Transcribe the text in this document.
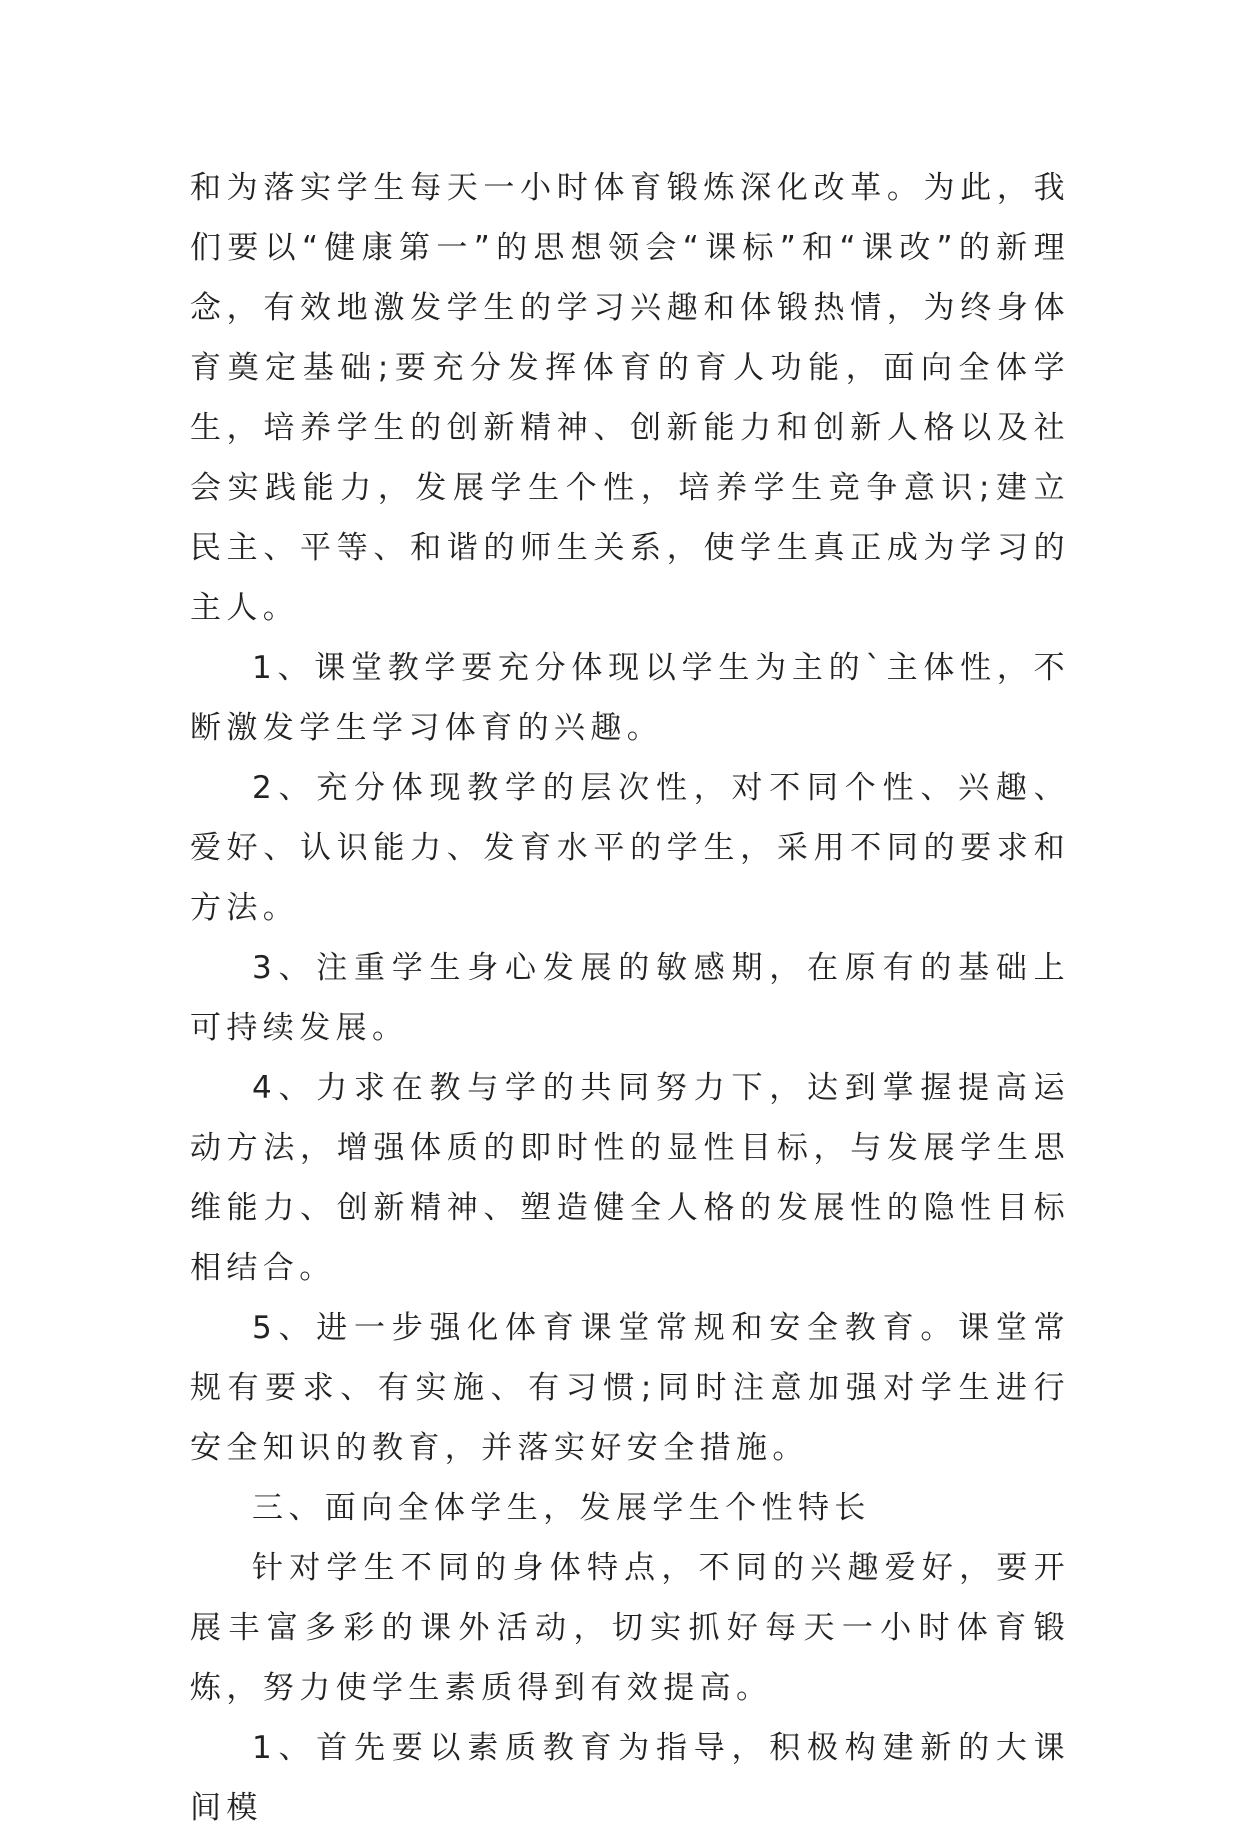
和为落实学生每天一小时体育锻炼深化改革。为此，我们要以“健康第一”的思想领会“课标”和“课改”的新理念，有效地激发学生的学习兴趣和体锻热情，为终身体育奠定基础;要充分发挥体育的育人功能，面向全体学生，培养学生的创新精神、创新能力和创新人格以及社会实践能力，发展学生个性，培养学生竞争意识;建立民主、平等、和谐的师生关系，使学生真正成为学习的主人。

1、课堂教学要充分体现以学生为主的`主体性，不断激发学生学习体育的兴趣。

2、充分体现教学的层次性，对不同个性、兴趣、爱好、认识能力、发育水平的学生，采用不同的要求和方法。

3、注重学生身心发展的敏感期，在原有的基础上可持续发展。

4、力求在教与学的共同努力下，达到掌握提高运动方法，增强体质的即时性的显性目标，与发展学生思维能力、创新精神、塑造健全人格的发展性的隐性目标相结合。

5、进一步强化体育课堂常规和安全教育。课堂常规有要求、有实施、有习惯;同时注意加强对学生进行安全知识的教育，并落实好安全措施。

三、面向全体学生，发展学生个性特长

针对学生不同的身体特点，不同的兴趣爱好，要开展丰富多彩的课外活动，切实抓好每天一小时体育锻炼，努力使学生素质得到有效提高。

1、首先要以素质教育为指导，积极构建新的大课间模
